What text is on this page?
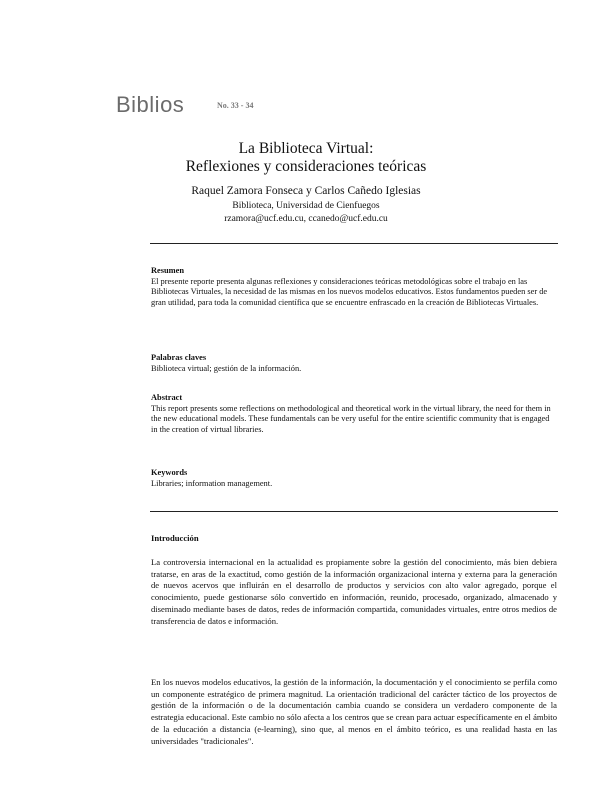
Biblios	No. 33 - 34
La Biblioteca Virtual:
Reflexiones y consideraciones teóricas
Raquel Zamora Fonseca y Carlos Cañedo Iglesias
Biblioteca, Universidad de Cienfuegos
rzamora@ucf.edu.cu, ccanedo@ucf.edu.cu
Resumen
El presente reporte presenta algunas reflexiones y consideraciones teóricas metodológicas sobre el trabajo en las Bibliotecas Virtuales, la necesidad de las mismas en los nuevos modelos educativos. Estos fundamentos pueden ser de gran utilidad, para toda la comunidad científica que se encuentre enfrascado en la creación de Bibliotecas Virtuales.
Palabras claves
Biblioteca virtual; gestión de la información.
Abstract
This report presents some reflections on methodological and theoretical work in the virtual library, the need for them in the new educational models. These fundamentals can be very useful for the entire scientific community that is engaged in the creation of virtual libraries.
Keywords
Libraries; information management.
Introducción
La controversia internacional en la actualidad es propiamente sobre la gestión del conocimiento, más bien debiera tratarse, en aras de la exactitud, como gestión de la información organizacional interna y externa para la generación de nuevos acervos que influirán en el desarrollo de productos y servicios con alto valor agregado, porque el conocimiento, puede gestionarse sólo convertido en información, reunido, procesado, organizado, almacenado y diseminado mediante bases de datos, redes de información compartida, comunidades virtuales, entre otros medios de transferencia de datos e información.
En los nuevos modelos educativos, la gestión de la información, la documentación y el conocimiento se perfila como un componente estratégico de primera magnitud. La orientación tradicional del carácter táctico de los proyectos de gestión de la información o de la documentación cambia cuando se considera un verdadero componente de la estrategia educacional. Este cambio no sólo afecta a los centros que se crean para actuar específicamente en el ámbito de la educación a distancia (e-learning), sino que, al menos en el ámbito teórico, es una realidad hasta en las universidades "tradicionales".
